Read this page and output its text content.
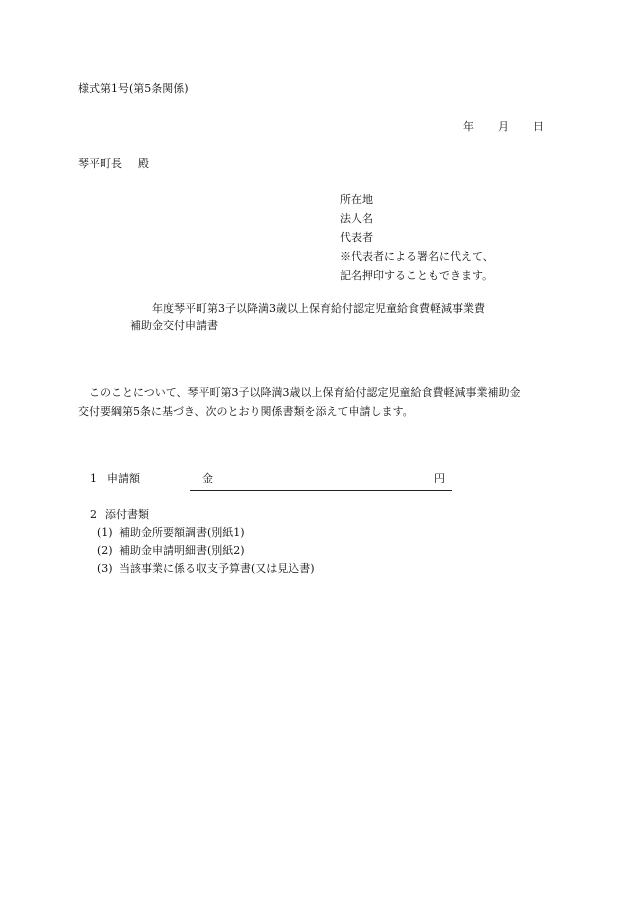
様式第1号(第5条関係)
年 月 日
琴平町長 殿
所在地
法人名
代表者
※代表者による署名に代えて、
記名押印することもできます。
年度琴平町第3子以降満3歳以上保育給付認定児童給食費軽減事業費
補助金交付申請書
　このことについて、琴平町第3子以降満3歳以上保育給付認定児童給食費軽減事業補助金
交付要綱第5条に基づき、次のとおり関係書類を添えて申請します。
1 申請額	金	円
2 添付書類
(1) 補助金所要額調書(別紙1)
(2) 補助金申請明細書(別紙2)
(3) 当該事業に係る収支予算書(又は見込書)
